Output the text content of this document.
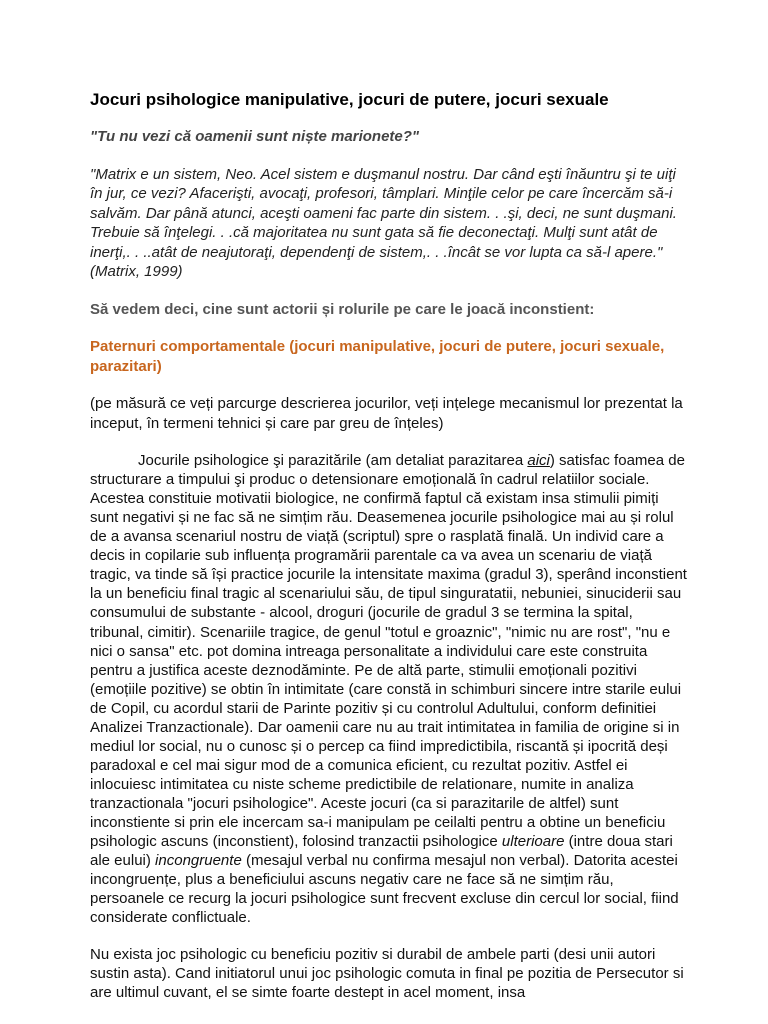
Jocuri psihologice manipulative, jocuri de putere, jocuri sexuale

"Tu nu vezi că oamenii sunt niște marionete?"

"Matrix e un sistem, Neo. Acel sistem e duşmanul nostru. Dar când eşti înăuntru şi te uiţi în jur, ce vezi? Afacerişti, avocaţi, profesori, tâmplari. Minţile celor pe care încercăm să-i salvăm. Dar până atunci, aceşti oameni fac parte din sistem. . .şi, deci, ne sunt duşmani. Trebuie să înţelegi. . .că majoritatea nu sunt gata să fie deconectaţi. Mulţi sunt atât de inerţi,. . ..atât de neajutoraţi, dependenţi de sistem,. . .încât se vor lupta ca să-l apere." (Matrix, 1999)

Să vedem deci, cine sunt actorii și rolurile pe care le joacă inconstient:

Paternuri comportamentale (jocuri manipulative, jocuri de putere, jocuri sexuale, parazitari)

(pe măsură ce veți parcurge descrierea jocurilor, veți ințelege mecanismul lor prezentat la inceput, în termeni tehnici și care par greu de înțeles)

Jocurile psihologice şi parazitările (am detaliat parazitarea aici) satisfac foamea de structurare a timpului şi produc o detensionare emoțională în cadrul relatiilor sociale. Acestea constituie motivatii biologice, ne confirmă faptul că existam insa stimulii pimiți sunt negativi și ne fac să ne simțim rău. Deasemenea jocurile psihologice mai au și rolul de a avansa scenariul nostru de viață (scriptul) spre o rasplată finală. Un individ care a decis in copilarie sub influența programării parentale ca va avea un scenariu de viață tragic, va tinde să își practice jocurile la intensitate maxima (gradul 3), sperând inconstient la un beneficiu final tragic al scenariului său, de tipul singuratatii, nebuniei, sinuciderii sau consumului de substante - alcool, droguri (jocurile de gradul 3 se termina la spital, tribunal, cimitir). Scenariile tragice, de genul "totul e groaznic", "nimic nu are rost", "nu e nici o sansa" etc. pot domina intreaga personalitate a individului care este construita pentru a justifica aceste deznodăminte. Pe de altă parte, stimulii emoționali pozitivi (emoțiile pozitive) se obtin în intimitate (care constă in schimburi sincere intre starile eului de Copil, cu acordul starii de Parinte pozitiv și cu controlul Adultului, conform definitiei Analizei Tranzactionale). Dar oamenii care nu au trait intimitatea in familia de origine si in mediul lor social, nu o cunosc și o percep ca fiind impredictibila, riscantă și ipocrită deși paradoxal e cel mai sigur mod de a comunica eficient, cu rezultat pozitiv. Astfel ei inlocuiesc intimitatea cu niste scheme predictibile de relationare, numite in analiza tranzactionala "jocuri psihologice". Aceste jocuri (ca si parazitarile de altfel) sunt inconstiente si prin ele incercam sa-i manipulam pe ceilalti pentru a obtine un beneficiu psihologic ascuns (inconstient), folosind tranzactii psihologice ulterioare (intre doua stari ale eului) incongruente (mesajul verbal nu confirma mesajul non verbal). Datorita acestei incongruențe, plus a beneficiului ascuns negativ care ne face să ne simțim rău, persoanele ce recurg la jocuri psihologice sunt frecvent excluse din cercul lor social, fiind considerate conflictuale.

Nu exista joc psihologic cu beneficiu pozitiv si durabil de ambele parti (desi unii autori sustin asta). Cand initiatorul unui joc psihologic comuta in final pe pozitia de Persecutor si are ultimul cuvant, el se simte foarte destept in acel moment, insa
